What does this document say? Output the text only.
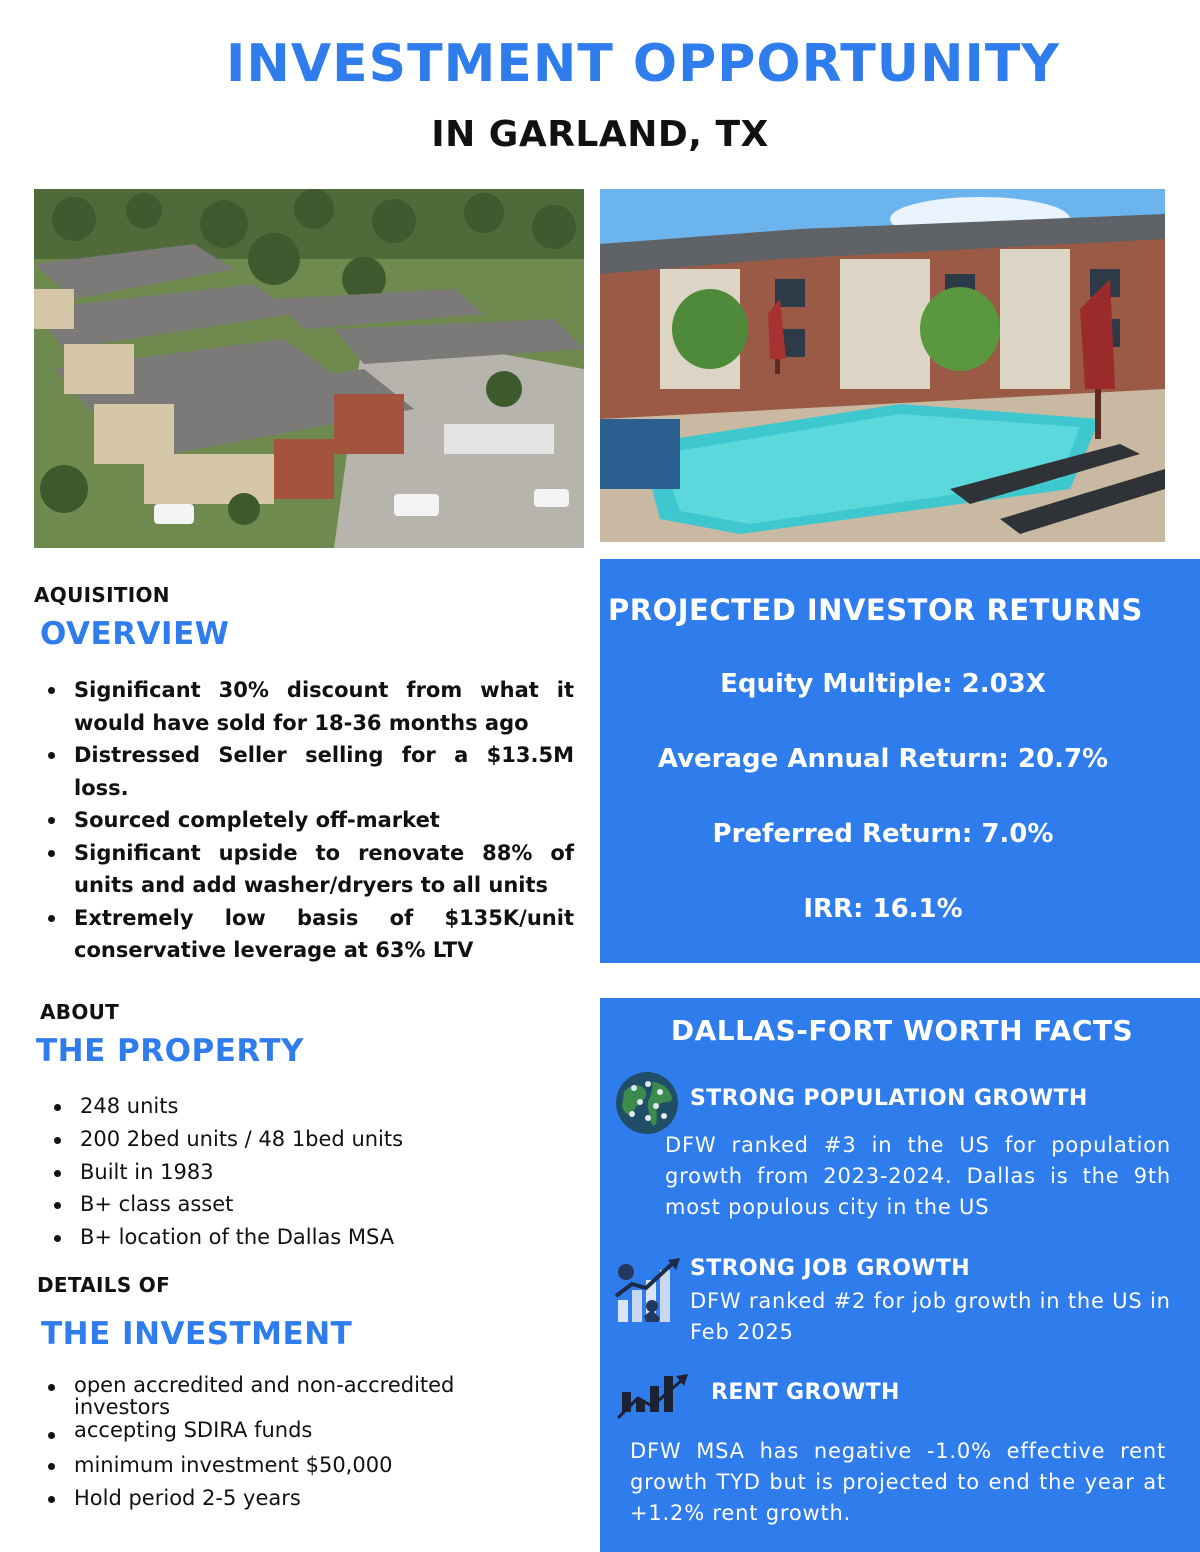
INVESTMENT OPPORTUNITY
IN GARLAND, TX
AQUISITION
OVERVIEW
Significant 30% discount from what it would have sold for 18-36 months ago
Distressed Seller selling for a $13.5M loss.
Sourced completely off-market
Significant upside to renovate 88% of units and add washer/dryers to all units
Extremely low basis of $135K/unit conservative leverage at 63% LTV
ABOUT
THE PROPERTY
248 units
200 2bed units / 48 1bed units
Built in 1983
B+ class asset
B+ location of the Dallas MSA
DETAILS OF
THE INVESTMENT
open accredited and non-accredited investors
accepting SDIRA funds
minimum investment $50,000
Hold period 2-5 years
PROJECTED INVESTOR RETURNS
Equity Multiple: 2.03X
Average Annual Return: 20.7%
Preferred Return: 7.0%
IRR: 16.1%
DALLAS-FORT WORTH FACTS
STRONG POPULATION GROWTH
DFW ranked #3 in the US for population growth from 2023-2024. Dallas is the 9th most populous city in the US
STRONG JOB GROWTH
DFW ranked #2 for job growth in the US in Feb 2025
RENT GROWTH
DFW MSA has negative -1.0% effective rent growth TYD but is projected to end the year at +1.2% rent growth.
